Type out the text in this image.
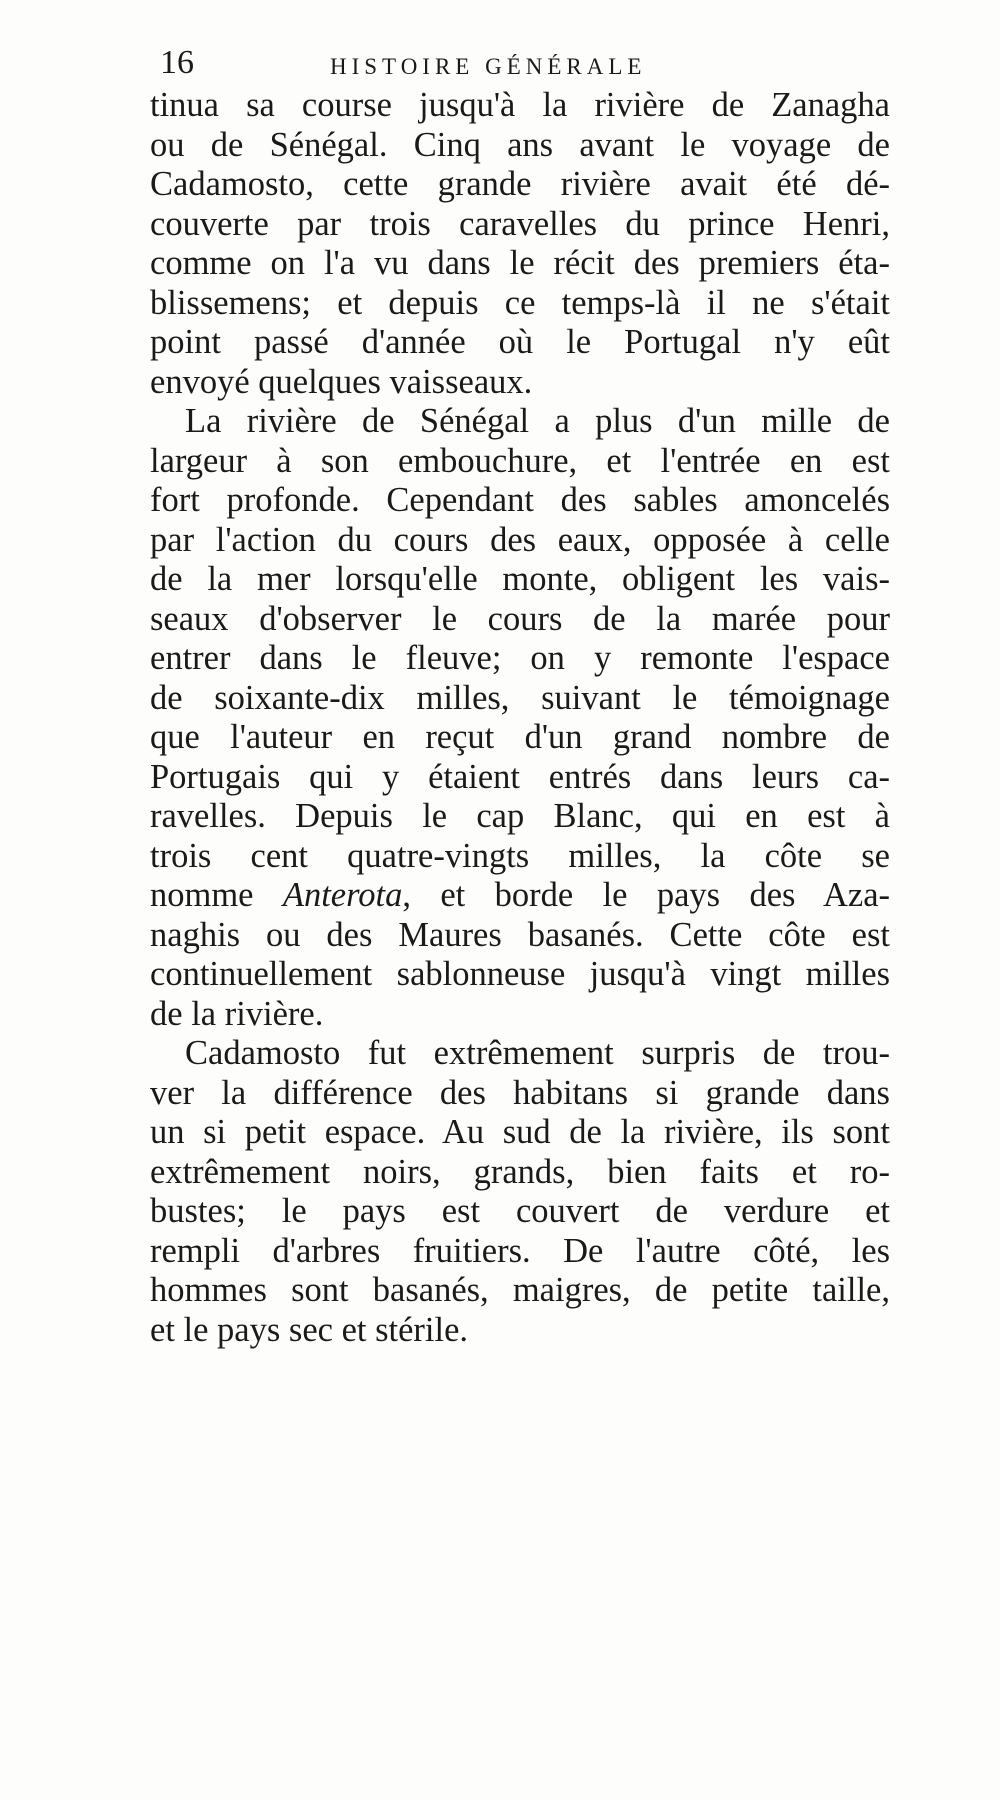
16	HISTOIRE GÉNÉRALE
tinua sa course jusqu'à la rivière de Zanagha
ou de Sénégal. Cinq ans avant le voyage de
Cadamosto, cette grande rivière avait été dé-
couverte par trois caravelles du prince Henri,
comme on l'a vu dans le récit des premiers éta-
blissemens; et depuis ce temps-là il ne s'était
point passé d'année où le Portugal n'y eût
envoyé quelques vaisseaux.
La rivière de Sénégal a plus d'un mille de
largeur à son embouchure, et l'entrée en est
fort profonde. Cependant des sables amoncelés
par l'action du cours des eaux, opposée à celle
de la mer lorsqu'elle monte, obligent les vais-
seaux d'observer le cours de la marée pour
entrer dans le fleuve; on y remonte l'espace
de soixante-dix milles, suivant le témoignage
que l'auteur en reçut d'un grand nombre de
Portugais qui y étaient entrés dans leurs ca-
ravelles. Depuis le cap Blanc, qui en est à
trois cent quatre-vingts milles, la côte se
nomme Anterota, et borde le pays des Aza-
naghis ou des Maures basanés. Cette côte est
continuellement sablonneuse jusqu'à vingt milles
de la rivière.
Cadamosto fut extrêmement surpris de trou-
ver la différence des habitans si grande dans
un si petit espace. Au sud de la rivière, ils sont
extrêmement noirs, grands, bien faits et ro-
bustes; le pays est couvert de verdure et
rempli d'arbres fruitiers. De l'autre côté, les
hommes sont basanés, maigres, de petite taille,
et le pays sec et stérile.
